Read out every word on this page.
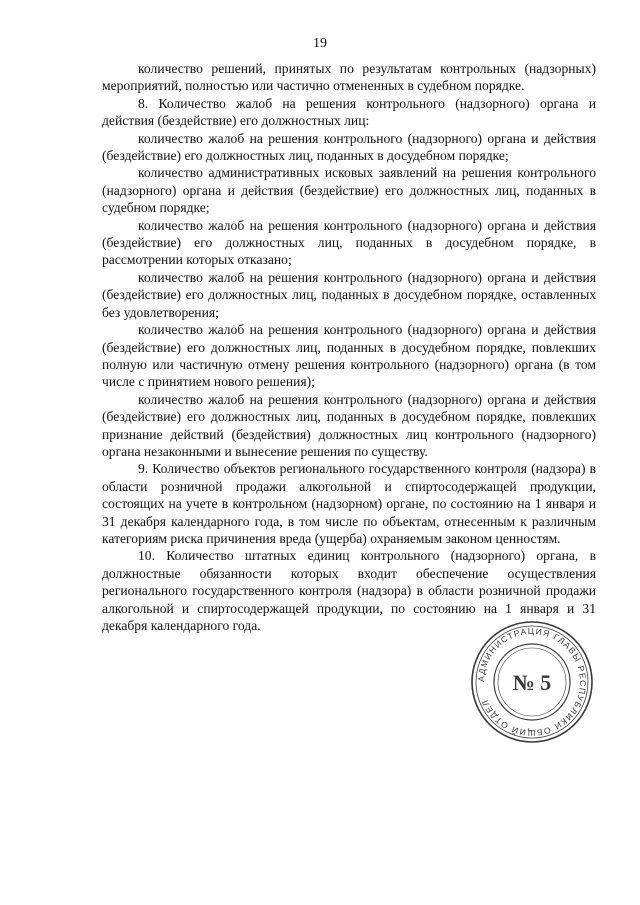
19

количество решений, принятых по результатам контрольных (надзорных) мероприятий, полностью или частично отмененных в судебном порядке.

8. Количество жалоб на решения контрольного (надзорного) органа и действия (бездействие) его должностных лиц:

количество жалоб на решения контрольного (надзорного) органа и действия (бездействие) его должностных лиц, поданных в досудебном порядке;

количество административных исковых заявлений на решения контрольного (надзорного) органа и действия (бездействие) его должностных лиц, поданных в судебном порядке;

количество жалоб на решения контрольного (надзорного) органа и действия (бездействие) его должностных лиц, поданных в досудебном порядке, в рассмотрении которых отказано;

количество жалоб на решения контрольного (надзорного) органа и действия (бездействие) его должностных лиц, поданных в досудебном порядке, оставленных без удовлетворения;

количество жалоб на решения контрольного (надзорного) органа и действия (бездействие) его должностных лиц, поданных в досудебном порядке, повлекших полную или частичную отмену решения контрольного (надзорного) органа (в том числе с принятием нового решения);

количество жалоб на решения контрольного (надзорного) органа и действия (бездействие) его должностных лиц, поданных в досудебном порядке, повлекших признание действий (бездействия) должностных лиц контрольного (надзорного) органа незаконными и вынесение решения по существу.

9. Количество объектов регионального государственного контроля (надзора) в области розничной продажи алкогольной и спиртосодержащей продукции, состоящих на учете в контрольном (надзорном) органе, по состоянию на 1 января и 31 декабря календарного года, в том числе по объектам, отнесенным к различным категориям риска причинения вреда (ущерба) охраняемым законом ценностям.

10. Количество штатных единиц контрольного (надзорного) органа, в должностные обязанности которых входит обеспечение осуществления регионального государственного контроля (надзора) в области розничной продажи алкогольной и спиртосодержащей продукции, по состоянию на 1 января и 31 декабря календарного года.

АДМИНИСТРАЦИЯ ГЛАВЫ РЕСПУБЛИКИ ОБЩИЙ ОТДЕЛ
№ 5
